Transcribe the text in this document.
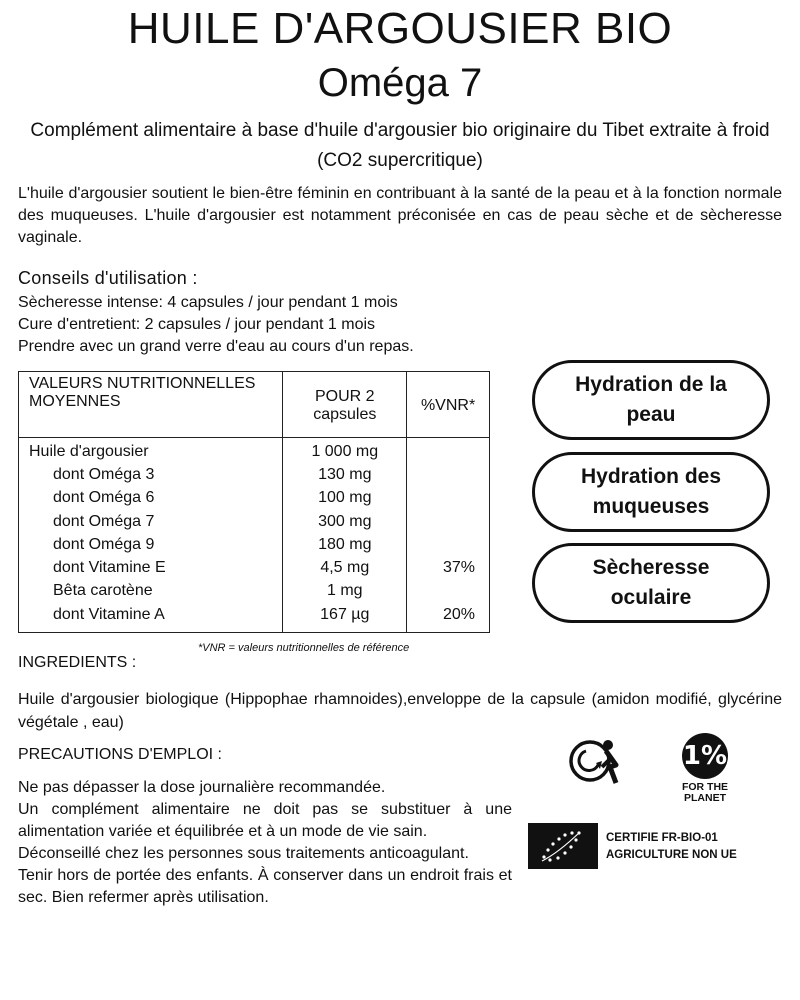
HUILE D'ARGOUSIER BIO
Oméga 7
Complément alimentaire à base d'huile d'argousier bio originaire du Tibet extraite à froid (CO2 supercritique)
L'huile d'argousier soutient le bien-être féminin en contribuant à la santé de la peau et à la fonction normale des muqueuses. L'huile d'argousier est notamment préconisée en cas de peau sèche et de sècheresse vaginale.
Conseils d'utilisation :
Sècheresse intense: 4 capsules / jour pendant 1 mois
Cure d'entretient: 2 capsules / jour pendant 1 mois
Prendre avec un grand verre d'eau au cours d'un repas.
VALEURS NUTRITIONNELLES MOYENNES	POUR 2 capsules	%VNR*
Huile d'argousier	1 000 mg	
dont Oméga 3	130 mg	
dont Oméga 6	100 mg	
dont Oméga 7	300 mg	
dont Oméga 9	180 mg	
dont Vitamine E	4,5 mg	37%
Bêta carotène	1 mg	
dont Vitamine A	167 µg	20%
*VNR = valeurs nutritionnelles de référence
Hydration de la peau
Hydration des muqueuses
Sècheresse oculaire
INGREDIENTS :
Huile d'argousier biologique (Hippophae rhamnoides),enveloppe de la capsule (amidon modifié, glycérine végétale , eau)
PRECAUTIONS D'EMPLOI :
Ne pas dépasser la dose journalière recommandée.
Un complément alimentaire ne doit pas se substituer à une alimentation variée et équilibrée et à un mode de vie sain.
Déconseillé chez les personnes sous traitements anticoagulant.
Tenir hors de portée des enfants. À conserver dans un endroit frais et sec. Bien refermer après utilisation.
1%
FOR THE PLANET
CERTIFIE FR-BIO-01
AGRICULTURE NON UE
